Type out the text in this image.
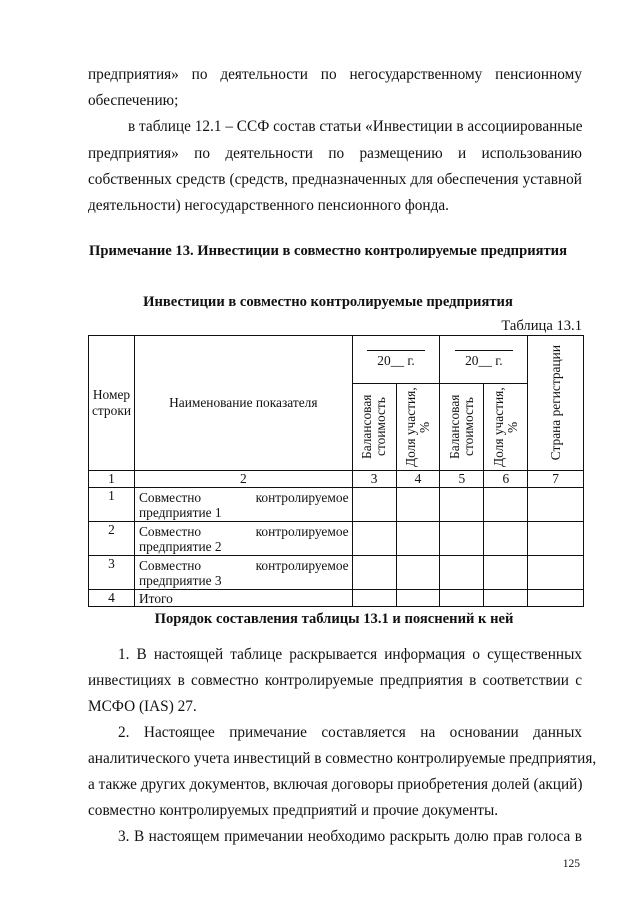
предприятия» по деятельности по негосударственному пенсионному
обеспечению;
в таблице 12.1 – ССФ состав статьи «Инвестиции в ассоциированные
предприятия» по деятельности по размещению и использованию
собственных средств (средств, предназначенных для обеспечения уставной
деятельности) негосударственного пенсионного фонда.
Примечание 13. Инвестиции в совместно контролируемые предприятия
Инвестиции в совместно контролируемые предприятия
Таблица 13.1
Номер строки	Наименование показателя	20__ г.		20__ г.		Страна регистрации

		Балансовая стоимость	Доля участия, %	Балансовая стоимость	Доля участия, %	

1	2	3	4	5	6	7
1	Совместно контролируемое
предприятие 1					

2	Совместно контролируемое
предприятие 2					

3	Совместно контролируемое
предприятие 3					

4	Итого					
Порядок составления таблицы 13.1 и пояснений к ней
1. В настоящей таблице раскрывается информация о существенных
инвестициях в совместно контролируемые предприятия в соответствии с
МСФО (IAS) 27.
2. Настоящее примечание составляется на основании данных
аналитического учета инвестиций в совместно контролируемые предприятия,
а также других документов, включая договоры приобретения долей (акций)
совместно контролируемых предприятий и прочие документы.
3. В настоящем примечании необходимо раскрыть долю прав голоса в
125
